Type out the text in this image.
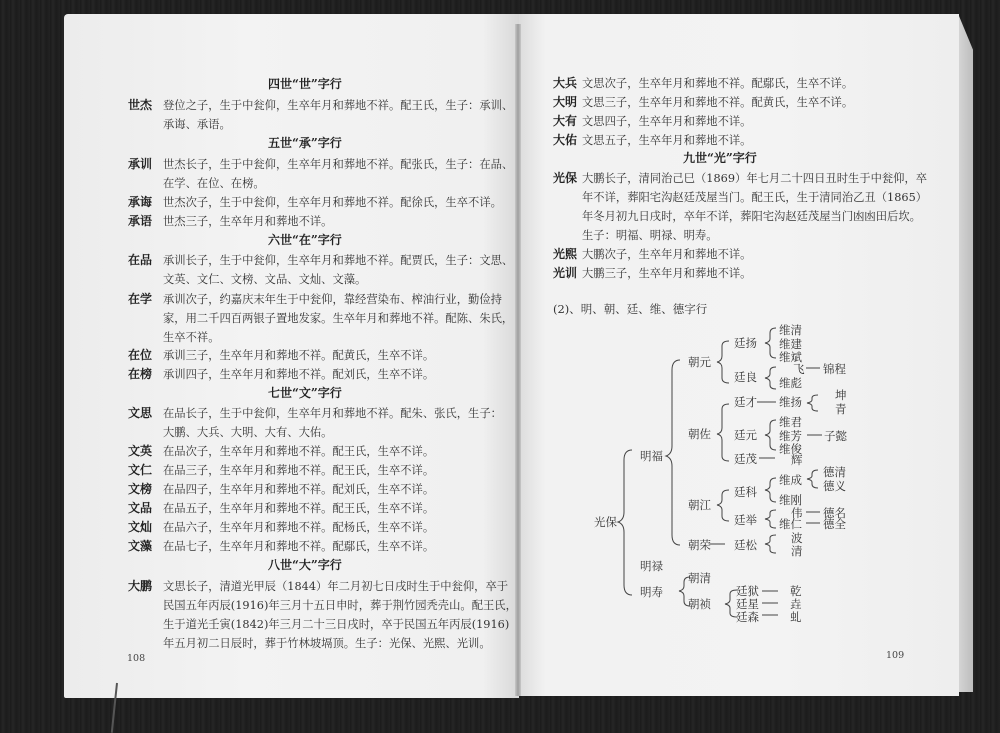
四世“世”字行
世杰 登位之子，生于中瓮仰，生卒年月和葬地不祥。配王氏，生子：承训、
承诲、承语。
五世“承”字行
承训 世杰长子，生于中瓮仰，生卒年月和葬地不祥。配张氏，生子：在品、
在学、在位、在榜。
承诲 世杰次子，生于中瓮仰，生卒年月和葬地不祥。配徐氏，生卒不详。
承语 世杰三子，生卒年月和葬地不详。
六世“在”字行
在品 承训长子，生于中瓮仰，生卒年月和葬地不祥。配贾氏，生子：文思、
文英、文仁、文榜、文品、文灿、文藻。
在学 承训次子，约嘉庆末年生于中瓮仰，靠经营染布、榨油行业，勤俭持
家，用二千四百两银子置地发家。生卒年月和葬地不祥。配陈、朱氏，
生卒不祥。
在位 承训三子，生卒年月和葬地不祥。配黄氏，生卒不详。
在榜 承训四子，生卒年月和葬地不祥。配刘氏，生卒不详。
七世“文”字行
文思 在品长子，生于中瓮仰，生卒年月和葬地不祥。配朱、张氏，生子：
大鹏、大兵、大明、大有、大佑。
文英 在品次子，生卒年月和葬地不祥。配王氏，生卒不详。
文仁 在品三子，生卒年月和葬地不祥。配王氏，生卒不详。
文榜 在品四子，生卒年月和葬地不祥。配刘氏，生卒不详。
文品 在品五子，生卒年月和葬地不祥。配王氏，生卒不详。
文灿 在品六子，生卒年月和葬地不祥。配杨氏，生卒不详。
文藻 在品七子，生卒年月和葬地不祥。配鄢氏，生卒不详。
八世“大”字行
大鹏 文思长子，清道光甲辰（1844）年二月初七日戌时生于中瓮仰，卒于
民国五年丙辰(1916)年三月十五日申时，葬于荆竹园秃壳山。配王氏，
生于道光壬寅(1842)年三月二十三日戌时，卒于民国五年丙辰(1916)
年五月初二日辰时，葬于竹林坡塥顶。生子：光保、光熙、光训。
108
大兵 文思次子，生卒年月和葬地不祥。配鄢氏，生卒不详。
大明 文思三子，生卒年月和葬地不祥。配黄氏，生卒不详。
大有 文思四子，生卒年月和葬地不详。
大佑 文思五子，生卒年月和葬地不详。
九世“光”字行
光保 大鹏长子，清同治己巳（1869）年七月二十四日丑时生于中瓮仰，卒
年不详，葬阳宅沟赵廷茂屋当门。配王氏，生于清同治乙丑（1865）
年冬月初九日戌时，卒年不详，葬阳宅沟赵廷茂屋当门凼凼田后坎。
生子：明福、明禄、明寿。
光熙 大鹏次子，生卒年月和葬地不详。
光训 大鹏三子，生卒年月和葬地不详。
(2)、明、朝、廷、维、德字行
光保
明福
明禄
明寿
朝元
朝佐
朝江
朝荣
朝清
朝祯
廷扬
廷良
廷才
廷元
廷茂
廷科
廷举
廷松
廷狱
廷星
廷森
维清
维建
维斌
飞
维彪
维扬
维君
维芳
维俊
辉
维成
维刚
伟
维仁
波
清
乾
垚
虬
锦程
坤
青
子懿
德清
德义
德名
德全
109
